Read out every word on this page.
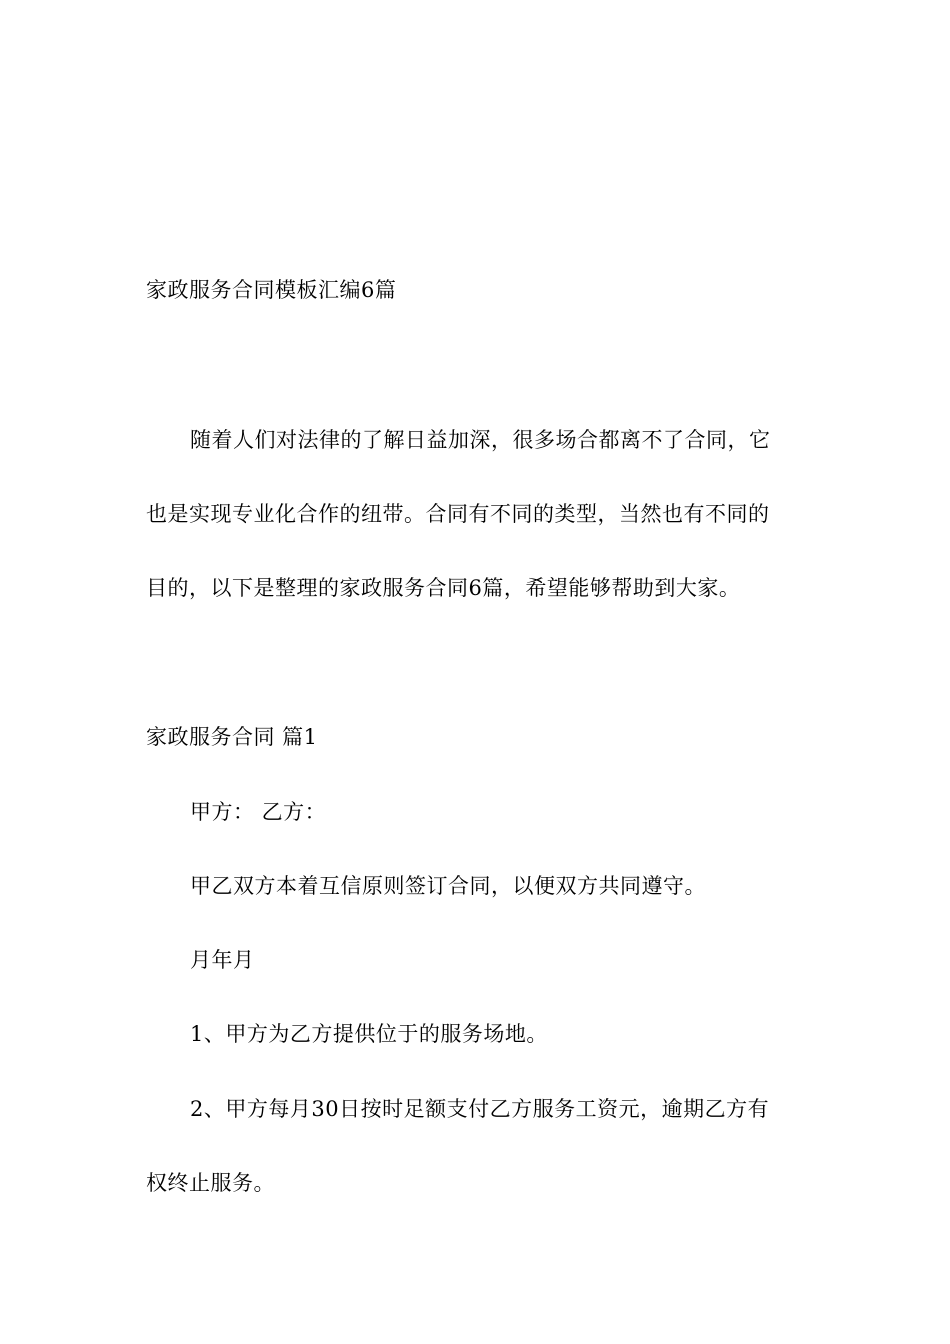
家政服务合同模板汇编6篇
随着人们对法律的了解日益加深，很多场合都离不了合同，它
也是实现专业化合作的纽带。合同有不同的类型，当然也有不同的
目的，以下是整理的家政服务合同6篇，希望能够帮助到大家。
家政服务合同 篇1
甲方： 乙方：
甲乙双方本着互信原则签订合同，以便双方共同遵守。
月年月
1、甲方为乙方提供位于的服务场地。
2、甲方每月30日按时足额支付乙方服务工资元，逾期乙方有
权终止服务。
